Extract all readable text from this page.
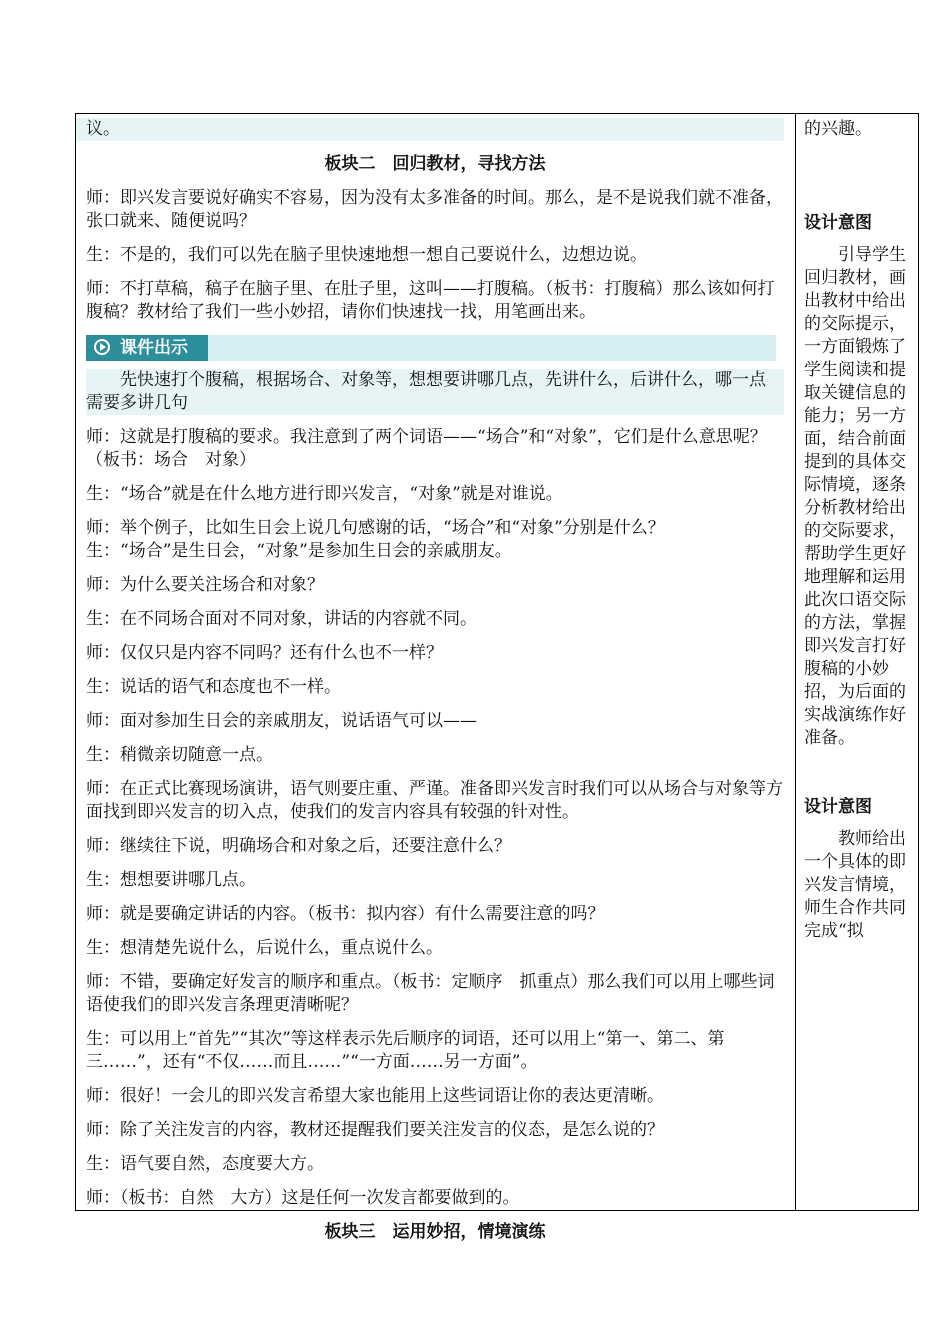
议。
板块二　回归教材，寻找方法
师：即兴发言要说好确实不容易，因为没有太多准备的时间。那么，是不是说我们就不准备，张口就来、随便说吗？
生：不是的，我们可以先在脑子里快速地想一想自己要说什么，边想边说。
师：不打草稿，稿子在脑子里、在肚子里，这叫——打腹稿。（板书：打腹稿）那么该如何打腹稿？教材给了我们一些小妙招，请你们快速找一找，用笔画出来。
课件出示
先快速打个腹稿，根据场合、对象等，想想要讲哪几点，先讲什么，后讲什么，哪一点需要多讲几句
师：这就是打腹稿的要求。我注意到了两个词语——“场合”和“对象”，它们是什么意思呢？（板书：场合　对象）
生：“场合”就是在什么地方进行即兴发言，“对象”就是对谁说。
师：举个例子，比如生日会上说几句感谢的话，“场合”和“对象”分别是什么？
生：“场合”是生日会，“对象”是参加生日会的亲戚朋友。
师：为什么要关注场合和对象？
生：在不同场合面对不同对象，讲话的内容就不同。
师：仅仅只是内容不同吗？还有什么也不一样？
生：说话的语气和态度也不一样。
师：面对参加生日会的亲戚朋友，说话语气可以——
生：稍微亲切随意一点。
师：在正式比赛现场演讲，语气则要庄重、严谨。准备即兴发言时我们可以从场合与对象等方面找到即兴发言的切入点，使我们的发言内容具有较强的针对性。
师：继续往下说，明确场合和对象之后，还要注意什么？
生：想想要讲哪几点。
师：就是要确定讲话的内容。（板书：拟内容）有什么需要注意的吗？
生：想清楚先说什么，后说什么，重点说什么。
师：不错，要确定好发言的顺序和重点。（板书：定顺序　抓重点）那么我们可以用上哪些词语使我们的即兴发言条理更清晰呢？
生：可以用上“首先”“其次”等这样表示先后顺序的词语，还可以用上“第一、第二、第三……”，还有“不仅……而且……”“一方面……另一方面”。
师：很好！一会儿的即兴发言希望大家也能用上这些词语让你的表达更清晰。
师：除了关注发言的内容，教材还提醒我们要关注发言的仪态，是怎么说的？
生：语气要自然，态度要大方。
师：（板书：自然　大方）这是任何一次发言都要做到的。
板块三　运用妙招，情境演练
的兴趣。
设计意图
引导学生回归教材，画出教材中给出的交际提示，一方面锻炼了学生阅读和提取关键信息的能力；另一方面，结合前面提到的具体交际情境，逐条分析教材给出的交际要求，帮助学生更好地理解和运用此次口语交际的方法，掌握即兴发言打好腹稿的小妙招，为后面的实战演练作好准备。
设计意图
教师给出一个具体的即兴发言情境，师生合作共同完成“拟
